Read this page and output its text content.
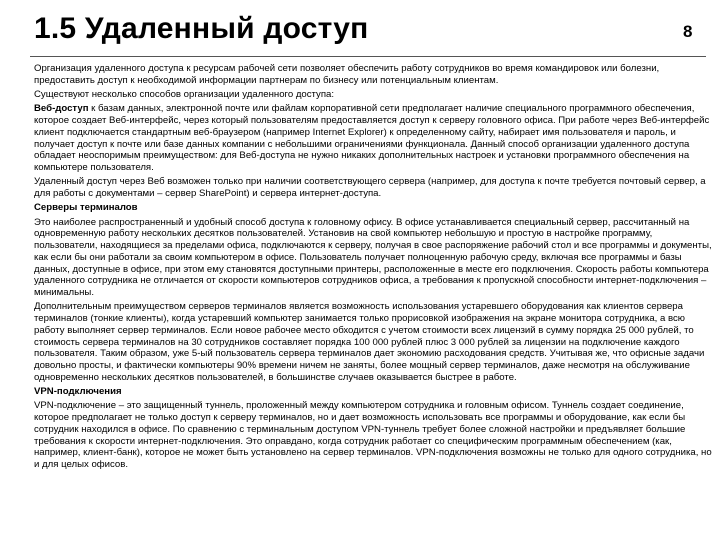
1.5 Удаленный доступ	8

Организация удаленного доступа к ресурсам рабочей сети позволяет обеспечить работу сотрудников во время командировок или болезни, предоставить доступ к необходимой информации партнерам по бизнесу или потенциальным клиентам.

Существуют несколько способов организации удаленного доступа:

Веб-доступ к базам данных, электронной почте или файлам корпоративной сети предполагает наличие специального программного обеспечения, которое создает Веб-интерфейс, через который пользователям предоставляется доступ к серверу головного офиса. При работе через Веб-интерфейс клиент подключается стандартным веб-браузером (например Internet Explorer) к определенному сайту, набирает имя пользователя и пароль, и получает доступ к почте или базе данных компании с небольшими ограничениями функционала. Данный способ организации удаленного доступа обладает неоспоримым преимуществом: для Веб-доступа не нужно никаких дополнительных настроек и установки программного обеспечения на компьютере пользователя.

Удаленный доступ через Веб возможен только при наличии соответствующего сервера (например, для доступа к почте требуется почтовый сервер, а для работы с документами – сервер SharePoint) и сервера интернет-доступа.

Серверы терминалов

Это наиболее распространенный и удобный способ доступа к головному офису. В офисе устанавливается специальный сервер, рассчитанный на одновременную работу нескольких десятков пользователей. Установив на свой компьютер небольшую и простую в настройке программу, пользователи, находящиеся за пределами офиса, подключаются к серверу, получая в свое распоряжение рабочий стол и все программы и документы, как если бы они работали за своим компьютером в офисе. Пользователь получает полноценную рабочую среду, включая все программы и базы данных, доступные в офисе, при этом ему становятся доступными принтеры, расположенные в месте его подключения. Скорость работы компьютера удаленного сотрудника не отличается от скорости компьютеров сотрудников офиса, а требования к пропускной способности интернет-подключения – минимальны.

Дополнительным преимуществом серверов терминалов является возможность использования устаревшего оборудования как клиентов сервера терминалов (тонкие клиенты), когда устаревший компьютер занимается только прорисовкой изображения на экране монитора сотрудника, а всю работу выполняет сервер терминалов. Если новое рабочее место обходится с учетом стоимости всех лицензий в сумму порядка 25 000 рублей, то стоимость сервера терминалов на 30 сотрудников составляет порядка 100 000 рублей плюс 3 000 рублей за лицензии на подключение каждого пользователя. Таким образом, уже 5-ый пользователь сервера терминалов дает экономию расходования средств. Учитывая же, что офисные задачи довольно просты, и фактически компьютеры 90% времени ничем не заняты, более мощный сервер терминалов, даже несмотря на обслуживание одновременно нескольких десятков пользователей, в большинстве случаев оказывается быстрее в работе.

VPN-подключения

VPN-подключение – это защищенный туннель, проложенный между компьютером сотрудника и головным офисом. Туннель создает соединение, которое предполагает не только доступ к серверу терминалов, но и дает возможность использовать все программы и оборудование, как если бы сотрудник находился в офисе. По сравнению с терминальным доступом VPN-туннель требует более сложной настройки и предъявляет большие требования к скорости интернет-подключения. Это оправдано, когда сотрудник работает со специфическим программным обеспечением (как, например, клиент-банк), которое не может быть установлено на сервер терминалов. VPN-подключения возможны не только для одного сотрудника, но и для целых офисов.
